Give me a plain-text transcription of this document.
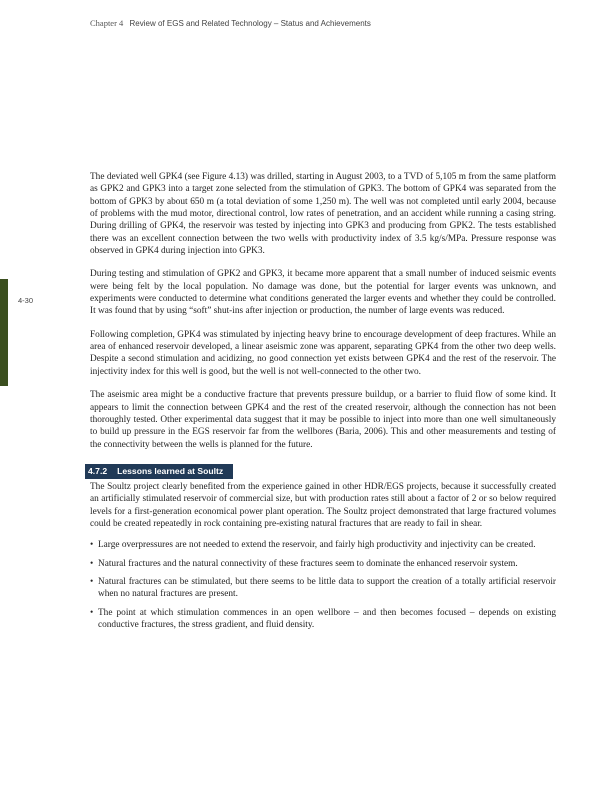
Chapter 4 Review of EGS and Related Technology – Status and Achievements
4-30

The deviated well GPK4 (see Figure 4.13) was drilled, starting in August 2003, to a TVD of 5,105 m from the same platform as GPK2 and GPK3 into a target zone selected from the stimulation of GPK3. The bottom of GPK4 was separated from the bottom of GPK3 by about 650 m (a total deviation of some 1,250 m). The well was not completed until early 2004, because of problems with the mud motor, directional control, low rates of penetration, and an accident while running a casing string. During drilling of GPK4, the reservoir was tested by injecting into GPK3 and producing from GPK2. The tests established there was an excellent connection between the two wells with productivity index of 3.5 kg/s/MPa. Pressure response was observed in GPK4 during injection into GPK3.

During testing and stimulation of GPK2 and GPK3, it became more apparent that a small number of induced seismic events were being felt by the local population. No damage was done, but the potential for larger events was unknown, and experiments were conducted to determine what conditions generated the larger events and whether they could be controlled. It was found that by using “soft” shut-ins after injection or production, the number of large events was reduced.

Following completion, GPK4 was stimulated by injecting heavy brine to encourage development of deep fractures. While an area of enhanced reservoir developed, a linear aseismic zone was apparent, separating GPK4 from the other two deep wells. Despite a second stimulation and acidizing, no good connection yet exists between GPK4 and the rest of the reservoir. The injectivity index for this well is good, but the well is not well-connected to the other two.

The aseismic area might be a conductive fracture that prevents pressure buildup, or a barrier to fluid flow of some kind. It appears to limit the connection between GPK4 and the rest of the created reservoir, although the connection has not been thoroughly tested. Other experimental data suggest that it may be possible to inject into more than one well simultaneously to build up pressure in the EGS reservoir far from the wellbores (Baria, 2006). This and other measurements and testing of the connectivity between the wells is planned for the future.

4.7.2 Lessons learned at Soultz

The Soultz project clearly benefited from the experience gained in other HDR/EGS projects, because it successfully created an artificially stimulated reservoir of commercial size, but with production rates still about a factor of 2 or so below required levels for a first-generation economical power plant operation. The Soultz project demonstrated that large fractured volumes could be created repeatedly in rock containing pre-existing natural fractures that are ready to fail in shear.

• Large overpressures are not needed to extend the reservoir, and fairly high productivity and injectivity can be created.
• Natural fractures and the natural connectivity of these fractures seem to dominate the enhanced reservoir system.
• Natural fractures can be stimulated, but there seems to be little data to support the creation of a totally artificial reservoir when no natural fractures are present.
• The point at which stimulation commences in an open wellbore – and then becomes focused – depends on existing conductive fractures, the stress gradient, and fluid density.
